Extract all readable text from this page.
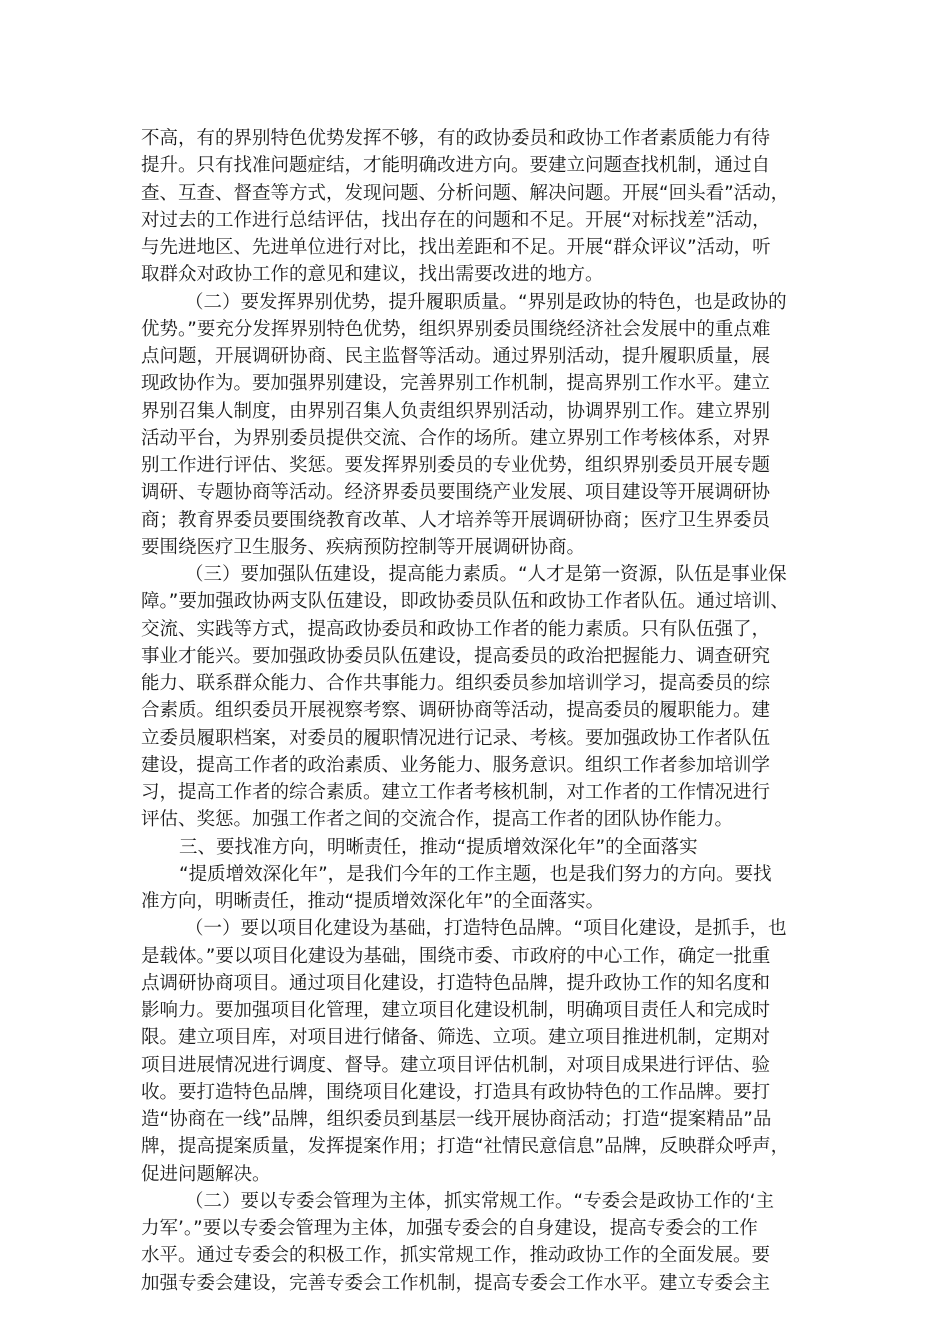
不高，有的界别特色优势发挥不够，有的政协委员和政协工作者素质能力有待
提升。只有找准问题症结，才能明确改进方向。要建立问题查找机制，通过自
查、互查、督查等方式，发现问题、分析问题、解决问题。开展“回头看”活动，
对过去的工作进行总结评估，找出存在的问题和不足。开展“对标找差”活动，
与先进地区、先进单位进行对比，找出差距和不足。开展“群众评议”活动，听
取群众对政协工作的意见和建议，找出需要改进的地方。
（二）要发挥界别优势，提升履职质量。“界别是政协的特色，也是政协的
优势。”要充分发挥界别特色优势，组织界别委员围绕经济社会发展中的重点难
点问题，开展调研协商、民主监督等活动。通过界别活动，提升履职质量，展
现政协作为。要加强界别建设，完善界别工作机制，提高界别工作水平。建立
界别召集人制度，由界别召集人负责组织界别活动，协调界别工作。建立界别
活动平台，为界别委员提供交流、合作的场所。建立界别工作考核体系，对界
别工作进行评估、奖惩。要发挥界别委员的专业优势，组织界别委员开展专题
调研、专题协商等活动。经济界委员要围绕产业发展、项目建设等开展调研协
商；教育界委员要围绕教育改革、人才培养等开展调研协商；医疗卫生界委员
要围绕医疗卫生服务、疾病预防控制等开展调研协商。
（三）要加强队伍建设，提高能力素质。“人才是第一资源，队伍是事业保
障。”要加强政协两支队伍建设，即政协委员队伍和政协工作者队伍。通过培训、
交流、实践等方式，提高政协委员和政协工作者的能力素质。只有队伍强了，
事业才能兴。要加强政协委员队伍建设，提高委员的政治把握能力、调查研究
能力、联系群众能力、合作共事能力。组织委员参加培训学习，提高委员的综
合素质。组织委员开展视察考察、调研协商等活动，提高委员的履职能力。建
立委员履职档案，对委员的履职情况进行记录、考核。要加强政协工作者队伍
建设，提高工作者的政治素质、业务能力、服务意识。组织工作者参加培训学
习，提高工作者的综合素质。建立工作者考核机制，对工作者的工作情况进行
评估、奖惩。加强工作者之间的交流合作，提高工作者的团队协作能力。
三、要找准方向，明晰责任，推动“提质增效深化年”的全面落实
“提质增效深化年”，是我们今年的工作主题，也是我们努力的方向。要找
准方向，明晰责任，推动“提质增效深化年”的全面落实。
（一）要以项目化建设为基础，打造特色品牌。“项目化建设，是抓手，也
是载体。”要以项目化建设为基础，围绕市委、市政府的中心工作，确定一批重
点调研协商项目。通过项目化建设，打造特色品牌，提升政协工作的知名度和
影响力。要加强项目化管理，建立项目化建设机制，明确项目责任人和完成时
限。建立项目库，对项目进行储备、筛选、立项。建立项目推进机制，定期对
项目进展情况进行调度、督导。建立项目评估机制，对项目成果进行评估、验
收。要打造特色品牌，围绕项目化建设，打造具有政协特色的工作品牌。要打
造“协商在一线”品牌，组织委员到基层一线开展协商活动；打造“提案精品”品
牌，提高提案质量，发挥提案作用；打造“社情民意信息”品牌，反映群众呼声，
促进问题解决。
（二）要以专委会管理为主体，抓实常规工作。“专委会是政协工作的‘主
力军’。”要以专委会管理为主体，加强专委会的自身建设，提高专委会的工作
水平。通过专委会的积极工作，抓实常规工作，推动政协工作的全面发展。要
加强专委会建设，完善专委会工作机制，提高专委会工作水平。建立专委会主
